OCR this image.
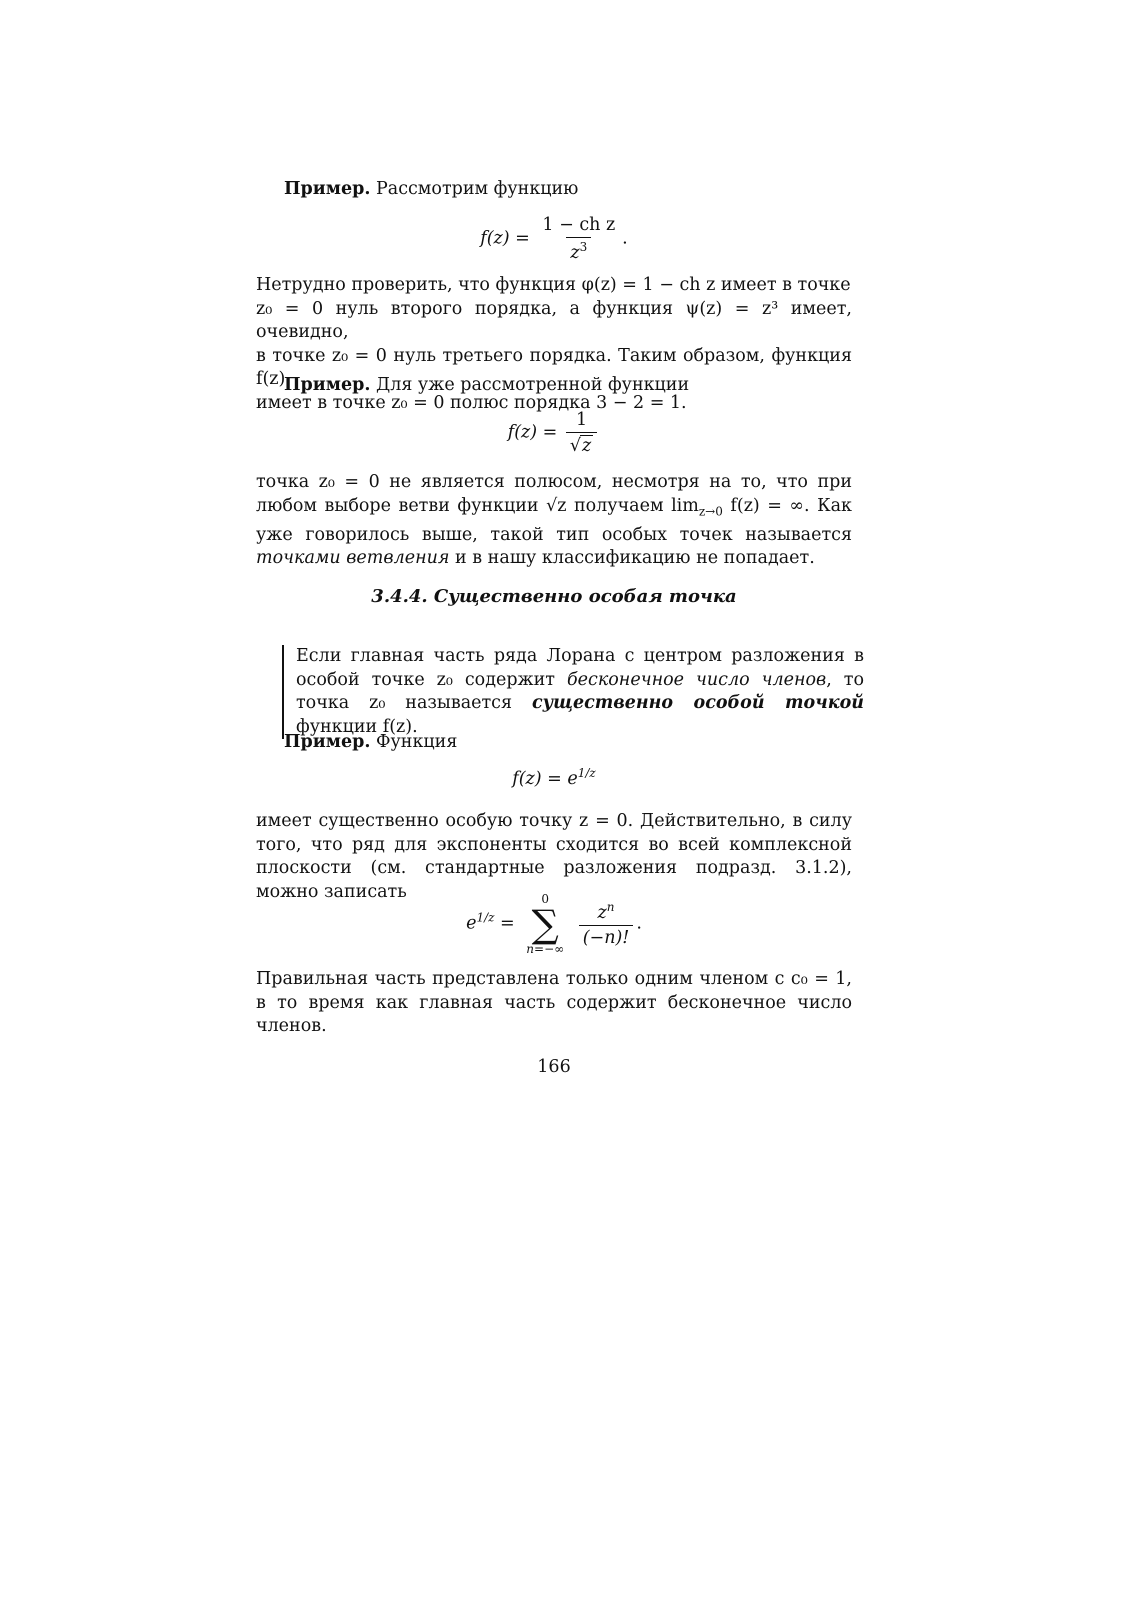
Пример. Рассмотрим функцию
$f(z) = \frac{\text{1 − ch z}}{z^3}$ .
Нетрудно проверить, что функция φ(z) = 1 − ch z имеет в точке
z₀ = 0 нуль второго порядка, а функция ψ(z) = z³ имеет, очевидно,
в точке z₀ = 0 нуль третьего порядка. Таким образом, функция f(z)
имеет в точке z₀ = 0 полюс порядка 3 − 2 = 1.
Пример. Для уже рассмотренной функции
$f(z) = \frac{1}{√z}$
точка z₀ = 0 не является полюсом, несмотря на то, что при любом выборе ветви функции √z получаем $\lim_{z\to 0} f(z)$ = ∞. Как уже говорилось выше, такой тип особых точек называется точками ветвления и в нашу классификацию не попадает.
3.4.4. Существенно особая точка
Если главная часть ряда Лорана с центром разложения в особой точке z₀ содержит бесконечное число членов, то точка z₀ называется существенно особой точкой функции f(z).
Пример. Функция
$f(z) = e^{1/z}$
имеет существенно особую точку z = 0. Действительно, в силу того, что ряд для экспоненты сходится во всей комплексной плоскости (см. стандартные разложения подразд. 3.1.2), можно записать
$e^{1/z}$ =
0
∑
n=−∞

$\frac{z^n}{(-n)!}$ .
Правильная часть представлена только одним членом с c₀ = 1, в то время как главная часть содержит бесконечное число членов.
166
